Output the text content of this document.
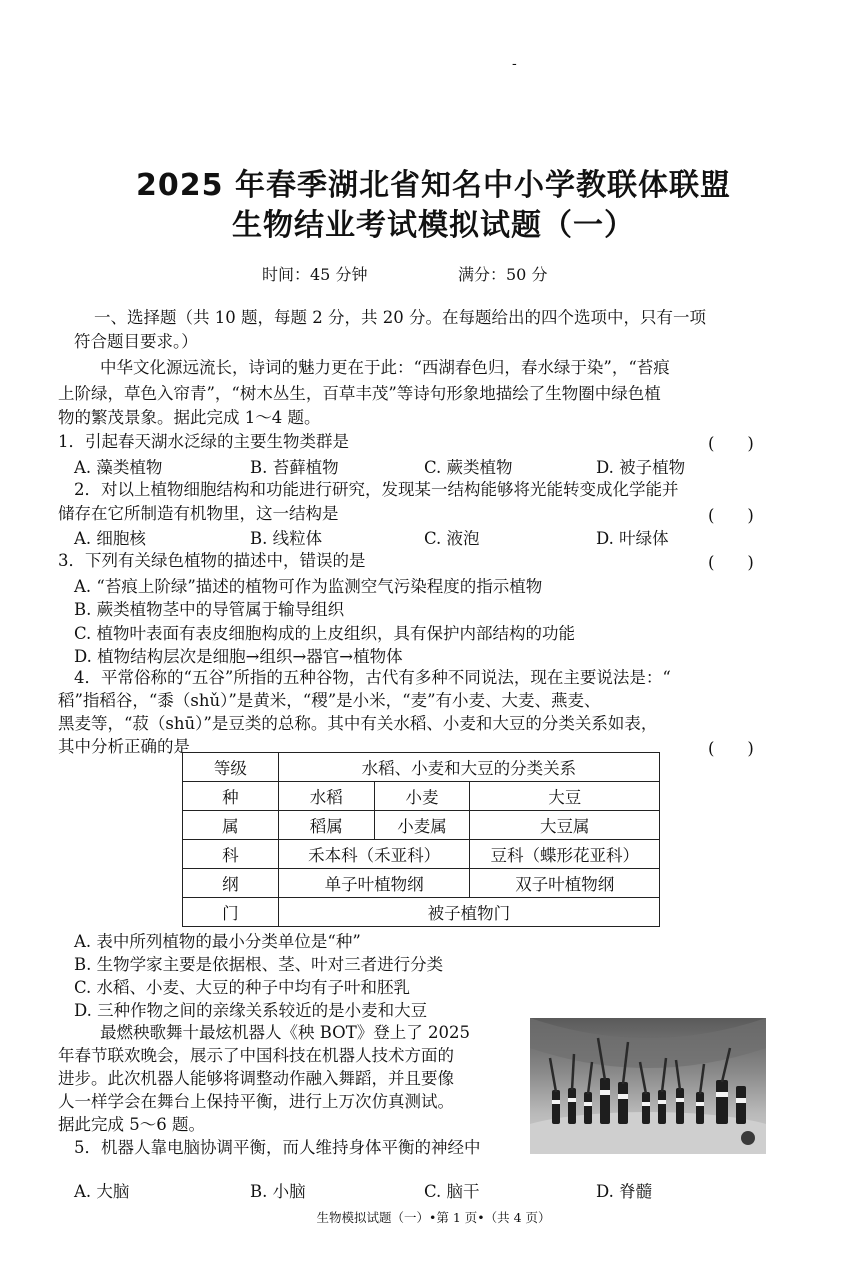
-
2025 年春季湖北省知名中小学教联体联盟
生物结业考试模拟试题（一）
时间：45 分钟	满分：50 分
一、选择题（共 10 题，每题 2 分，共 20 分。在每题给出的四个选项中，只有一项
符合题目要求。）
中华文化源远流长，诗词的魅力更在于此：“西湖春色归，春水绿于染”，“苔痕
上阶绿，草色入帘青”，“树木丛生，百草丰茂”等诗句形象地描绘了生物圈中绿色植
物的繁茂景象。据此完成 1～4 题。
1．引起春天湖水泛绿的主要生物类群是	(　　)
A. 藻类植物	B. 苔藓植物	C. 蕨类植物	D. 被子植物
2．对以上植物细胞结构和功能进行研究，发现某一结构能够将光能转变成化学能并
储存在它所制造有机物里，这一结构是	(　　)
A. 细胞核	B. 线粒体	C. 液泡	D. 叶绿体
3．下列有关绿色植物的描述中，错误的是	(　　)
A. “苔痕上阶绿”描述的植物可作为监测空气污染程度的指示植物
B. 蕨类植物茎中的导管属于输导组织
C. 植物叶表面有表皮细胞构成的上皮组织，具有保护内部结构的功能
D. 植物结构层次是细胞→组织→器官→植物体
4．平常俗称的“五谷”所指的五种谷物，古代有多种不同说法，现在主要说法是：“
稻”指稻谷，“黍（shǔ）”是黄米，“稷”是小米，“麦”有小麦、大麦、燕麦、
黑麦等，“菽（shū）”是豆类的总称。其中有关水稻、小麦和大豆的分类关系如表，
其中分析正确的是	(　　)
等级	水稻、小麦和大豆的分类关系		
种	水稻	小麦	大豆
属	稻属	小麦属	大豆属
科	禾本科（禾亚科）		豆科（蝶形花亚科）
纲	单子叶植物纲		双子叶植物纲
门	被子植物门		
A. 表中所列植物的最小分类单位是“种”
B. 生物学家主要是依据根、茎、叶对三者进行分类
C. 水稻、小麦、大豆的种子中均有子叶和胚乳
D. 三种作物之间的亲缘关系较近的是小麦和大豆
最燃秧歌舞十最炫机器人《秧 BOT》登上了 2025
年春节联欢晚会，展示了中国科技在机器人技术方面的
进步。此次机器人能够将调整动作融入舞蹈，并且要像
人一样学会在舞台上保持平衡，进行上万次仿真测试。
据此完成 5～6 题。
5．机器人靠电脑协调平衡，而人维持身体平衡的神经中
A. 大脑	B. 小脑	C. 脑干	D. 脊髓
生物模拟试题（一）•第 1 页•（共 4 页）
